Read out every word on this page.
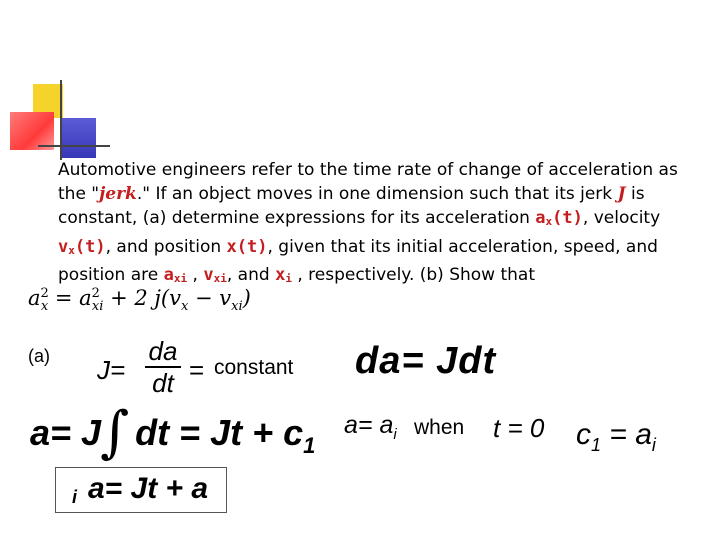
Automotive engineers refer to the time rate of change of acceleration as the "jerk." If an object moves in one dimension such that its jerk J is constant, (a) determine expressions for its acceleration ax(t), velocity vx(t), and position x(t), given that its initial acceleration, speed, and position are axi , vxi, and xi , respectively. (b) Show that

$a^2_x = a^2_{xi} + 2$ $j(v_x - v_{xi})$
(a) J=
da
dt = constant da= Jdt
a= J dt = $Jt + c_1$
∫	$a= a_i$ when t = 0 $c_1 = a_i$
a= Jt + a
$_i$
